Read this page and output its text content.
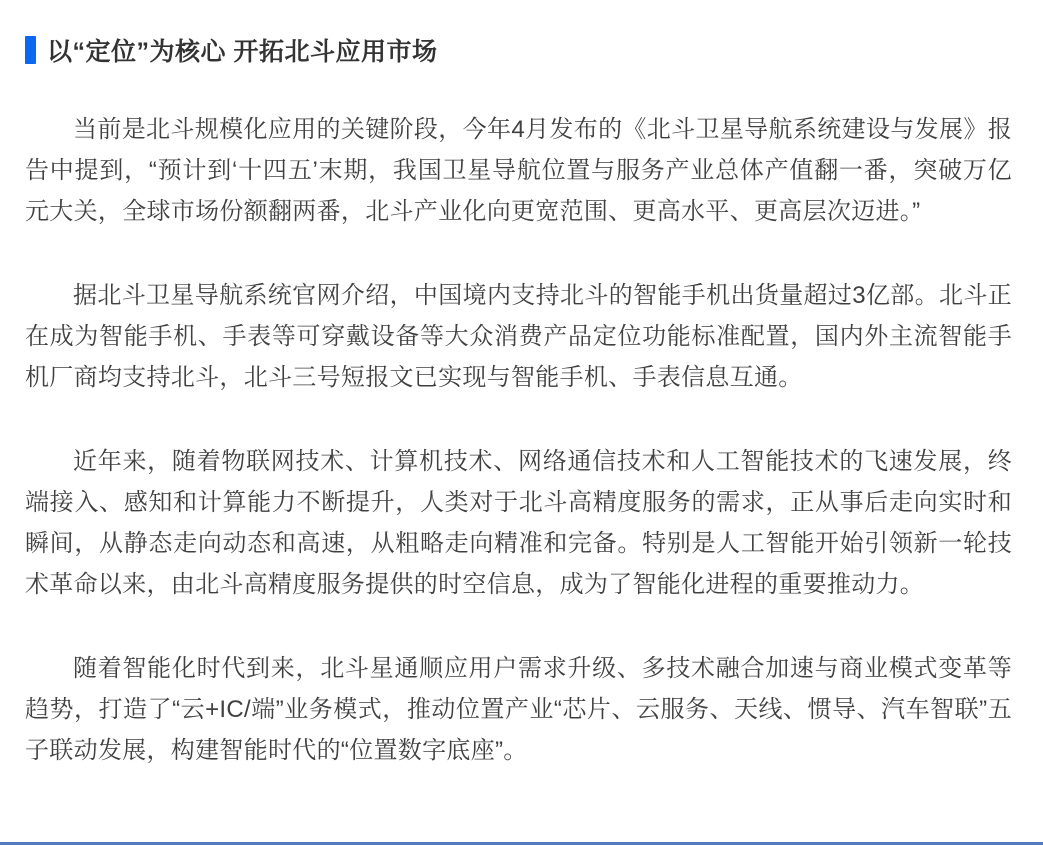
以“定位”为核心 开拓北斗应用市场

当前是北斗规模化应用的关键阶段，今年4月发布的《北斗卫星导航系统建设与发展》报告中提到，“预计到‘十四五’末期，我国卫星导航位置与服务产业总体产值翻一番，突破万亿元大关，全球市场份额翻两番，北斗产业化向更宽范围、更高水平、更高层次迈进。”

据北斗卫星导航系统官网介绍，中国境内支持北斗的智能手机出货量超过3亿部。北斗正在成为智能手机、手表等可穿戴设备等大众消费产品定位功能标准配置，国内外主流智能手机厂商均支持北斗，北斗三号短报文已实现与智能手机、手表信息互通。

近年来，随着物联网技术、计算机技术、网络通信技术和人工智能技术的飞速发展，终端接入、感知和计算能力不断提升，人类对于北斗高精度服务的需求，正从事后走向实时和瞬间，从静态走向动态和高速，从粗略走向精准和完备。特别是人工智能开始引领新一轮技术革命以来，由北斗高精度服务提供的时空信息，成为了智能化进程的重要推动力。

随着智能化时代到来，北斗星通顺应用户需求升级、多技术融合加速与商业模式变革等趋势，打造了“云+IC/端”业务模式，推动位置产业“芯片、云服务、天线、惯导、汽车智联”五子联动发展，构建智能时代的“位置数字底座”。
